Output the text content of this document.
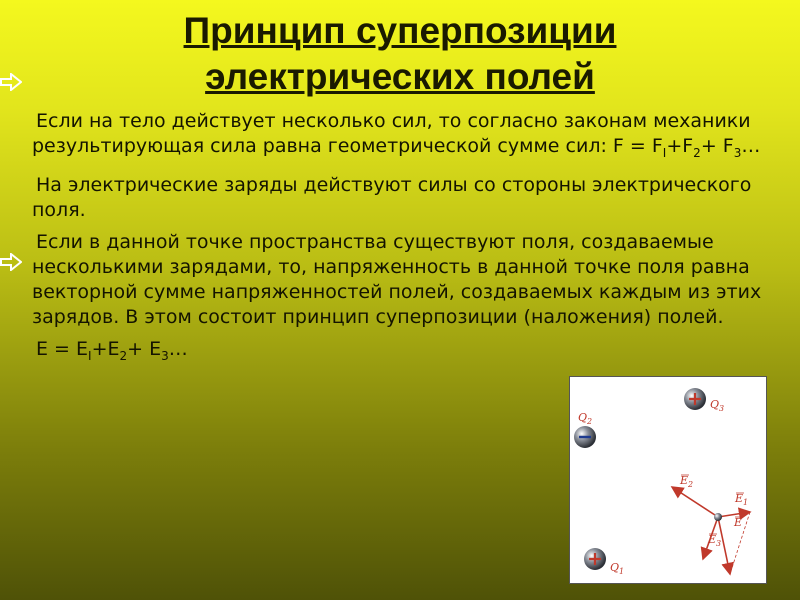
Принцип суперпозиции
электрических полей
Если на тело действует несколько сил, то согласно законам механики результирующая сила равна геометрической сумме сил: $F = F_I+F_2+$ $F_3\dots$
На электрические заряды действуют силы со стороны электрического поля.
Если в данной точке пространства существуют поля, создаваемые несколькими зарядами, то, напряженность в данной точке поля равна векторной сумме напряженностей полей, создаваемых каждым из этих зарядов. В этом состоит принцип суперпозиции (наложения) полей.
$E = E_I+E_2+$ $E_3\dots$
$Q_3$
$Q_2$
$Q_1$
$E_2$
$E_1$
E
$E_3$
